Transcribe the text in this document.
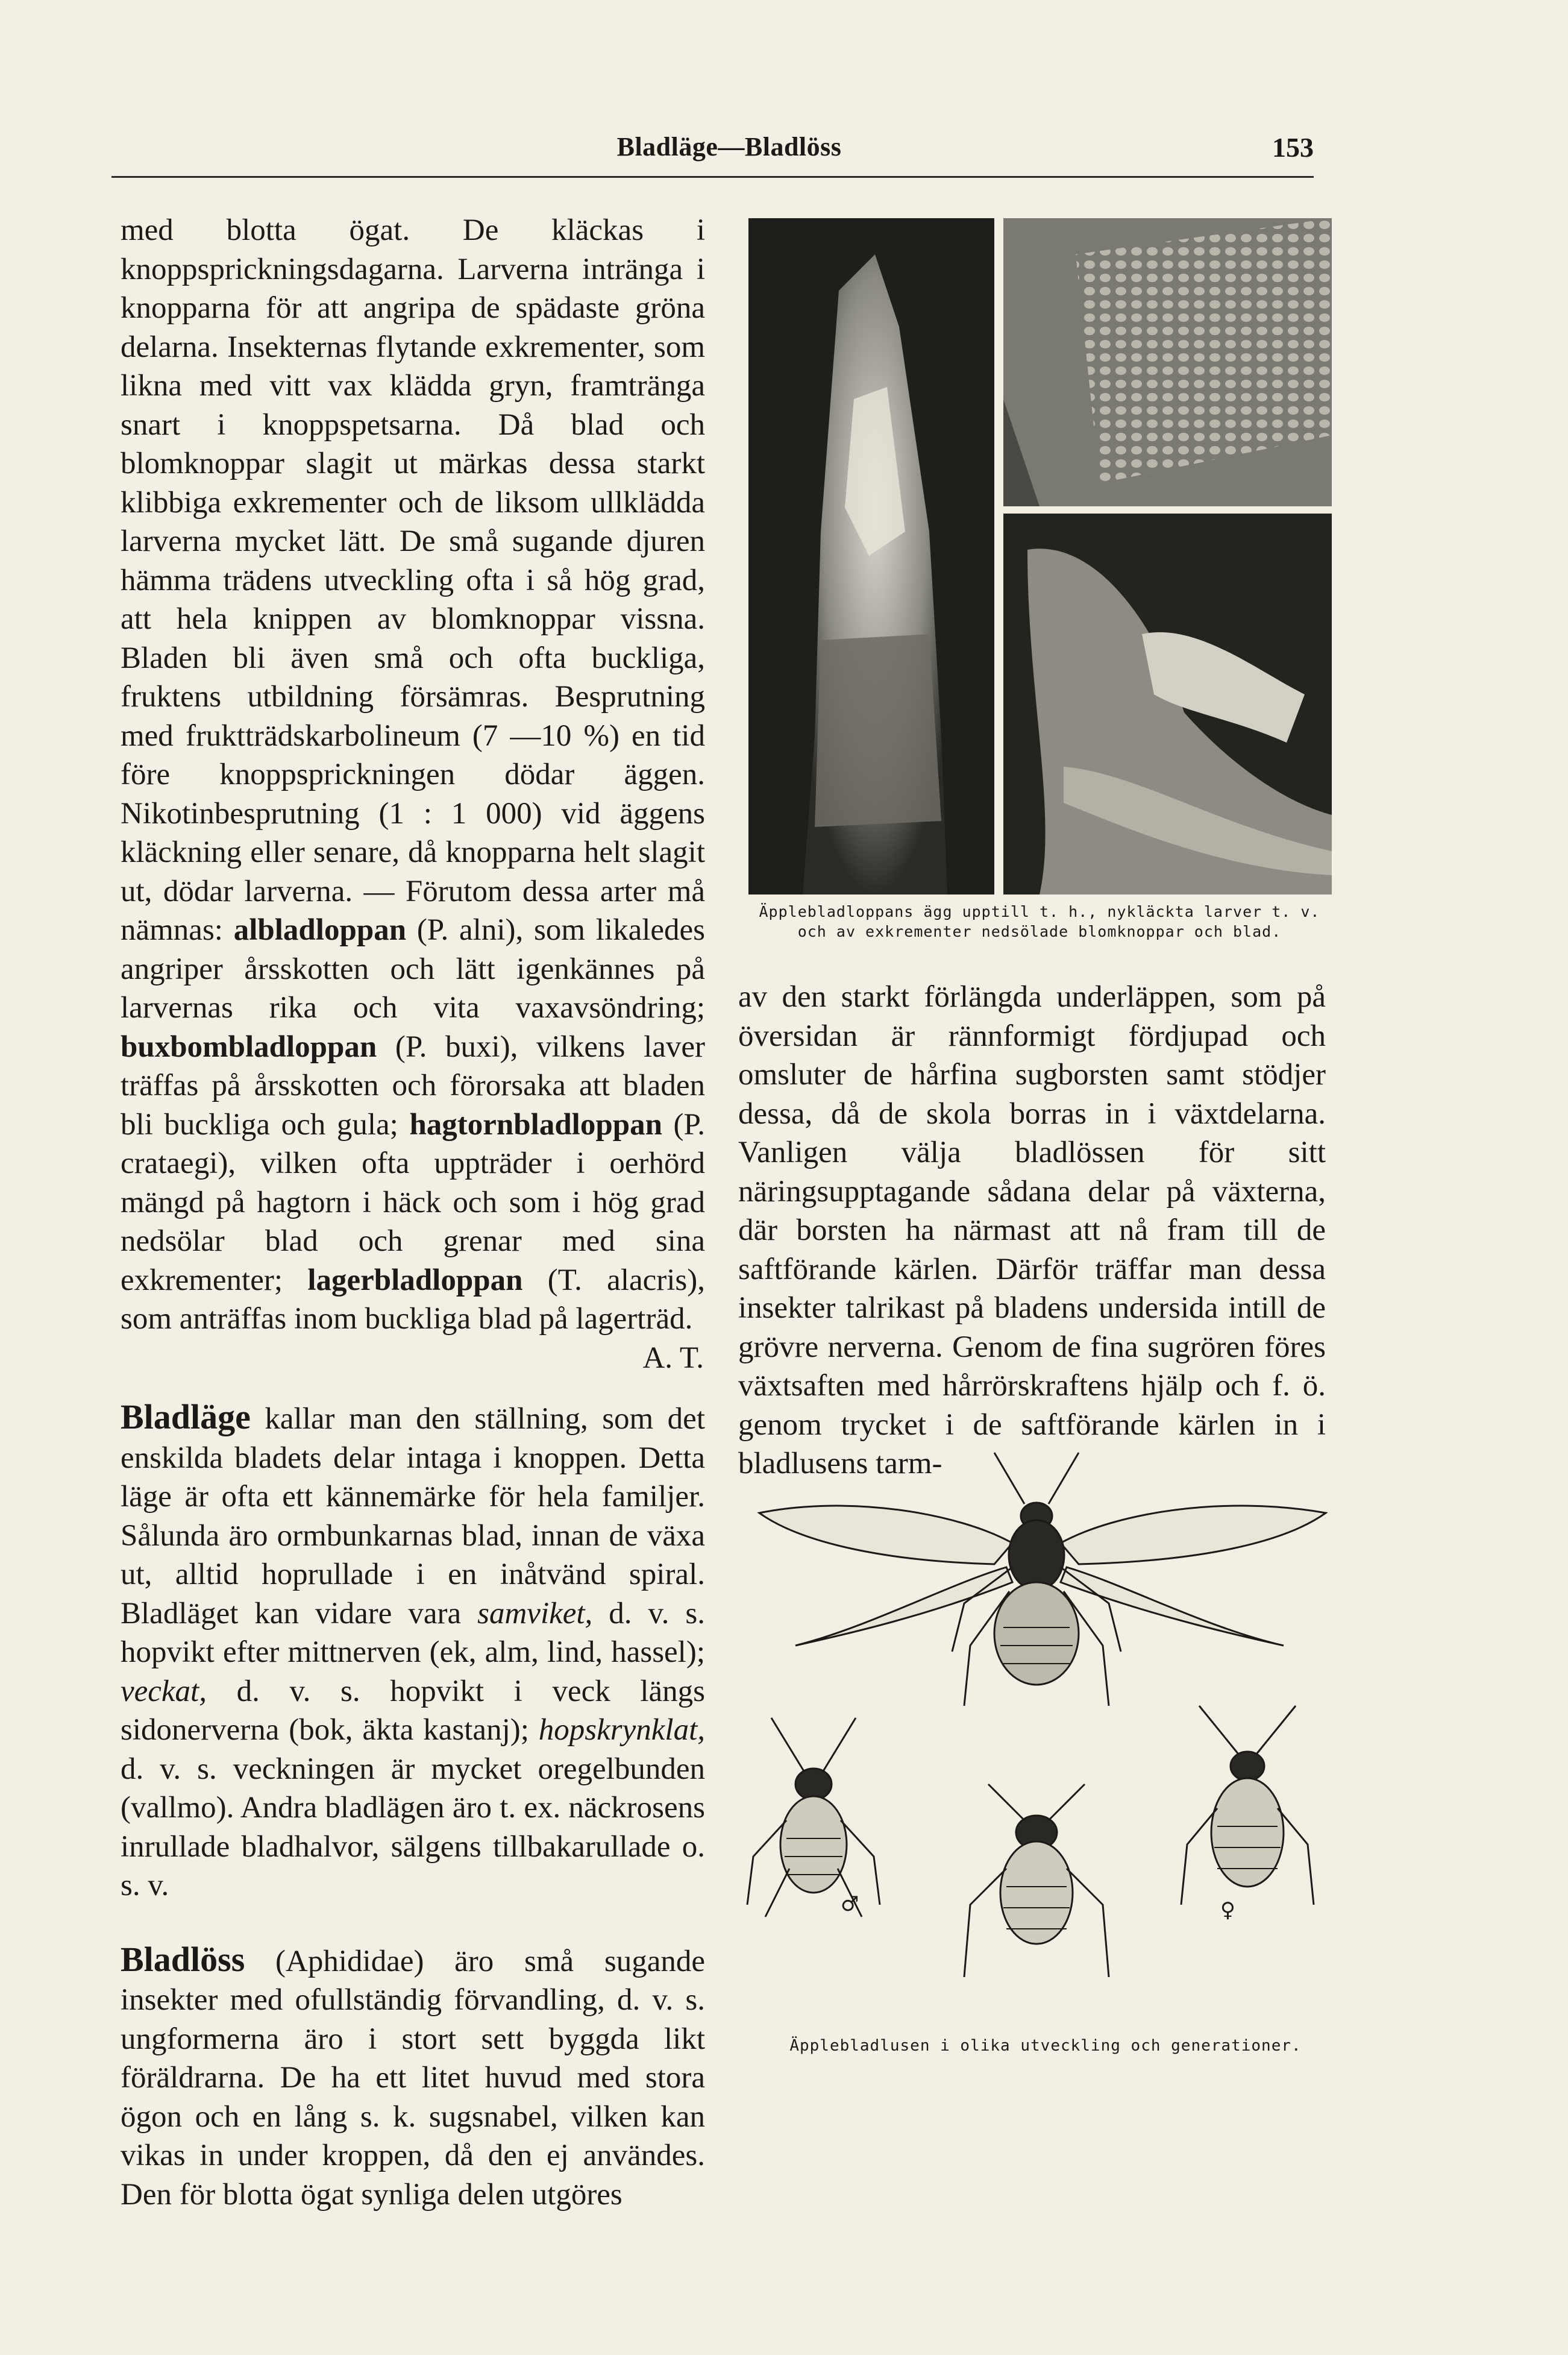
Bladläge—Bladlöss	153

med blotta ögat. De kläckas i knoppsprickningsdagarna. Larverna intränga i knopparna för att angripa de spädaste gröna delarna. Insekternas flytande exkrementer, som likna med vitt vax klädda gryn, framtränga snart i knoppspetsarna. Då blad och blomknoppar slagit ut märkas dessa starkt klibbiga exkrementer och de liksom ullklädda larverna mycket lätt. De små sugande djuren hämma trädens utveckling ofta i så hög grad, att hela knippen av blomknoppar vissna. Bladen bli även små och ofta buckliga, fruktens utbildning försämras. Besprutning med fruktträdskarbolineum (7 —10 %) en tid före knoppsprickningen dödar äggen. Nikotinbesprutning (1 : 1 000) vid äggens kläckning eller senare, då knopparna helt slagit ut, dödar larverna. — Förutom dessa arter må nämnas: albladloppan (P. alni), som likaledes angriper årsskotten och lätt igenkännes på larvernas rika och vita vaxavsöndring; buxbombladloppan (P. buxi), vilkens laver träffas på årsskotten och förorsaka att bladen bli buckliga och gula; hagtornbladloppan (P. crataegi), vilken ofta uppträder i oerhörd mängd på hagtorn i häck och som i hög grad nedsölar blad och grenar med sina exkrementer; lagerbladloppan (T. alacris), som anträffas inom buckliga blad på lagerträd.
A. T.

Bladläge kallar man den ställning, som det enskilda bladets delar intaga i knoppen. Detta läge är ofta ett kännemärke för hela familjer. Sålunda äro ormbunkarnas blad, innan de växa ut, alltid hoprullade i en inåtvänd spiral. Bladläget kan vidare vara samviket, d. v. s. hopvikt efter mittnerven (ek, alm, lind, hassel); veckat, d. v. s. hopvikt i veck längs sidonerverna (bok, äkta kastanj); hopskrynklat, d. v. s. veckningen är mycket oregelbunden (vallmo). Andra bladlägen äro t. ex. näckrosens inrullade bladhalvor, sälgens tillbakarullade o. s. v.

Bladlöss (Aphididae) äro små sugande insekter med ofullständig förvandling, d. v. s. ungformerna äro i stort sett byggda likt föräldrarna. De ha ett litet huvud med stora ögon och en lång s. k. sugsnabel, vilken kan vikas in under kroppen, då den ej användes. Den för blotta ögat synliga delen utgöres

Äpplebladloppans ägg upptill t. h., nykläckta larver t. v. och av exkrementer nedsölade blomknoppar och blad.

av den starkt förlängda underläppen, som på översidan är rännformigt fördjupad och omsluter de hårfina sugborsten samt stödjer dessa, då de skola borras in i växtdelarna. Vanligen välja bladlössen för sitt näringsupptagande sådana delar på växterna, där borsten ha närmast att nå fram till de saftförande kärlen. Därför träffar man dessa insekter talrikast på bladens undersida intill de grövre nerverna. Genom de fina sugrören föres växtsaften med hårrörskraftens hjälp och f. ö. genom trycket i de saftförande kärlen in i bladlusens tarm-

♂	♀
Äpplebladlusen i olika utveckling och generationer.
